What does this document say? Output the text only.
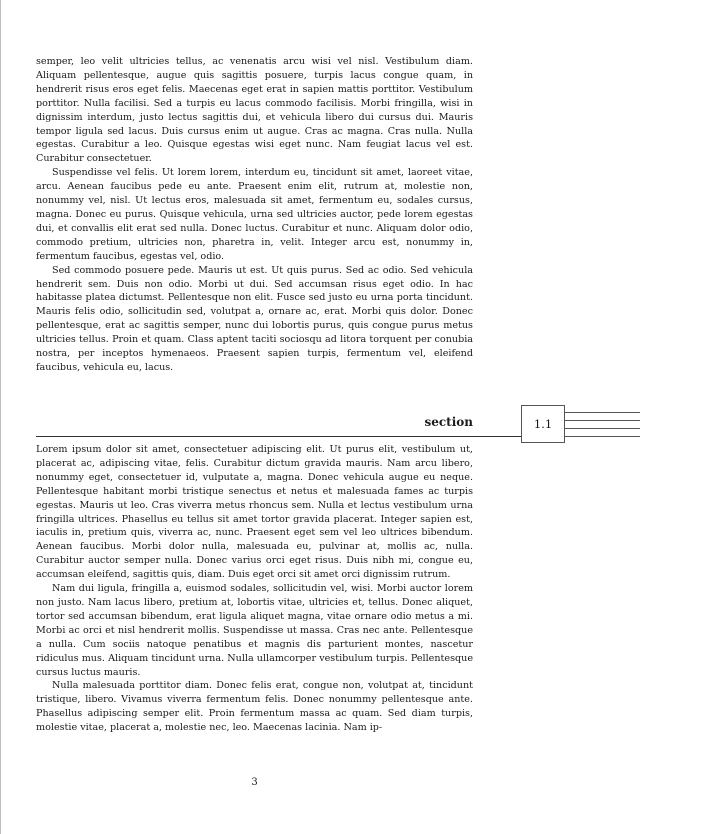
semper, leo velit ultricies tellus, ac venenatis arcu wisi vel nisl. Vestibulum diam. Aliquam pellentesque, augue quis sagittis posuere, turpis lacus congue quam, in hendrerit risus eros eget felis. Maecenas eget erat in sapien mattis porttitor. Vestibulum porttitor. Nulla facilisi. Sed a turpis eu lacus commodo facilisis. Morbi fringilla, wisi in dignissim interdum, justo lectus sagittis dui, et vehicula libero dui cursus dui. Mauris tempor ligula sed lacus. Duis cursus enim ut augue. Cras ac magna. Cras nulla. Nulla egestas. Curabitur a leo. Quisque egestas wisi eget nunc. Nam feugiat lacus vel est. Curabitur consectetuer.

Suspendisse vel felis. Ut lorem lorem, interdum eu, tincidunt sit amet, laoreet vitae, arcu. Aenean faucibus pede eu ante. Praesent enim elit, rutrum at, molestie non, nonummy vel, nisl. Ut lectus eros, malesuada sit amet, fermentum eu, sodales cursus, magna. Donec eu purus. Quisque vehicula, urna sed ultricies auctor, pede lorem egestas dui, et convallis elit erat sed nulla. Donec luctus. Curabitur et nunc. Aliquam dolor odio, commodo pretium, ultricies non, pharetra in, velit. Integer arcu est, nonummy in, fermentum faucibus, egestas vel, odio.

Sed commodo posuere pede. Mauris ut est. Ut quis purus. Sed ac odio. Sed vehicula hendrerit sem. Duis non odio. Morbi ut dui. Sed accumsan risus eget odio. In hac habitasse platea dictumst. Pellentesque non elit. Fusce sed justo eu urna porta tincidunt. Mauris felis odio, sollicitudin sed, volutpat a, ornare ac, erat. Morbi quis dolor. Donec pellentesque, erat ac sagittis semper, nunc dui lobortis purus, quis congue purus metus ultricies tellus. Proin et quam. Class aptent taciti sociosqu ad litora torquent per conubia nostra, per inceptos hymenaeos. Praesent sapien turpis, fermentum vel, eleifend faucibus, vehicula eu, lacus.

section	1.1

Lorem ipsum dolor sit amet, consectetuer adipiscing elit. Ut purus elit, vestibulum ut, placerat ac, adipiscing vitae, felis. Curabitur dictum gravida mauris. Nam arcu libero, nonummy eget, consectetuer id, vulputate a, magna. Donec vehicula augue eu neque. Pellentesque habitant morbi tristique senectus et netus et malesuada fames ac turpis egestas. Mauris ut leo. Cras viverra metus rhoncus sem. Nulla et lectus vestibulum urna fringilla ultrices. Phasellus eu tellus sit amet tortor gravida placerat. Integer sapien est, iaculis in, pretium quis, viverra ac, nunc. Praesent eget sem vel leo ultrices bibendum. Aenean faucibus. Morbi dolor nulla, malesuada eu, pulvinar at, mollis ac, nulla. Curabitur auctor semper nulla. Donec varius orci eget risus. Duis nibh mi, congue eu, accumsan eleifend, sagittis quis, diam. Duis eget orci sit amet orci dignissim rutrum.

Nam dui ligula, fringilla a, euismod sodales, sollicitudin vel, wisi. Morbi auctor lorem non justo. Nam lacus libero, pretium at, lobortis vitae, ultricies et, tellus. Donec aliquet, tortor sed accumsan bibendum, erat ligula aliquet magna, vitae ornare odio metus a mi. Morbi ac orci et nisl hendrerit mollis. Suspendisse ut massa. Cras nec ante. Pellentesque a nulla. Cum sociis natoque penatibus et magnis dis parturient montes, nascetur ridiculus mus. Aliquam tincidunt urna. Nulla ullamcorper vestibulum turpis. Pellentesque cursus luctus mauris.

Nulla malesuada porttitor diam. Donec felis erat, congue non, volutpat at, tincidunt tristique, libero. Vivamus viverra fermentum felis. Donec nonummy pellentesque ante. Phasellus adipiscing semper elit. Proin fermentum massa ac quam. Sed diam turpis, molestie vitae, placerat a, molestie nec, leo. Maecenas lacinia. Nam ip-

3
